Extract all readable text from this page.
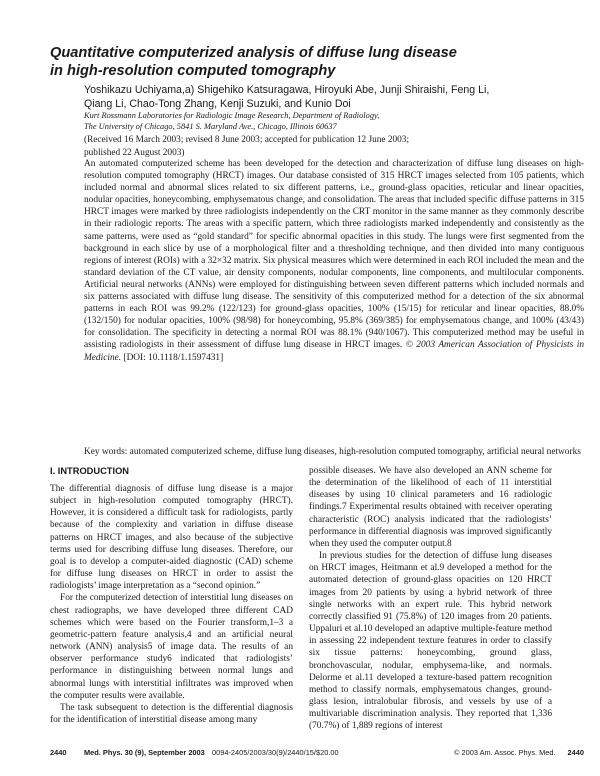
Quantitative computerized analysis of diffuse lung disease
in high-resolution computed tomography
Yoshikazu Uchiyama,a) Shigehiko Katsuragawa, Hiroyuki Abe, Junji Shiraishi, Feng Li,
Qiang Li, Chao-Tong Zhang, Kenji Suzuki, and Kunio Doi
Kurt Rossmann Laboratories for Radiologic Image Research, Department of Radiology,
The University of Chicago, 5841 S. Maryland Ave., Chicago, Illinois 60637
(Received 16 March 2003; revised 8 June 2003; accepted for publication 12 June 2003;
published 22 August 2003)

An automated computerized scheme has been developed for the detection and characterization of diffuse lung diseases on high-resolution computed tomography (HRCT) images. Our database consisted of 315 HRCT images selected from 105 patients, which included normal and abnormal slices related to six different patterns, i.e., ground-glass opacities, reticular and linear opacities, nodular opacities, honeycombing, emphysematous change, and consolidation. The areas that included specific diffuse patterns in 315 HRCT images were marked by three radiologists independently on the CRT monitor in the same manner as they commonly describe in their radiologic reports. The areas with a specific pattern, which three radiologists marked independently and consistently as the same patterns, were used as “gold standard” for specific abnormal opacities in this study. The lungs were first segmented from the background in each slice by use of a morphological filter and a thresholding technique, and then divided into many contiguous regions of interest (ROIs) with a 32×32 matrix. Six physical measures which were determined in each ROI included the mean and the standard deviation of the CT value, air density components, nodular components, line components, and multilocular components. Artificial neural networks (ANNs) were employed for distinguishing between seven different patterns which included normals and six patterns associated with diffuse lung disease. The sensitivity of this computerized method for a detection of the six abnormal patterns in each ROI was 99.2% (122/123) for ground-glass opacities, 100% (15/15) for reticular and linear opacities, 88.0% (132/150) for nodular opacities, 100% (98/98) for honeycombing, 95.8% (369/385) for emphysematous change, and 100% (43/43) for consolidation. The specificity in detecting a normal ROI was 88.1% (940/1067). This computerized method may be useful in assisting radiologists in their assessment of diffuse lung disease in HRCT images. © 2003 American Association of Physicists in Medicine. [DOI: 10.1118/1.1597431]

Key words: automated computerized scheme, diffuse lung diseases, high-resolution computed tomography, artificial neural networks
I. INTRODUCTION

The differential diagnosis of diffuse lung disease is a major subject in high-resolution computed tomography (HRCT). However, it is considered a difficult task for radiologists, partly because of the complexity and variation in diffuse disease patterns on HRCT images, and also because of the subjective terms used for describing diffuse lung diseases. Therefore, our goal is to develop a computer-aided diagnostic (CAD) scheme for diffuse lung diseases on HRCT in order to assist the radiologists’ image interpretation as a “second opinion.”

For the computerized detection of interstitial lung diseases on chest radiographs, we have developed three different CAD schemes which were based on the Fourier transform,1–3 a geometric-pattern feature analysis,4 and an artificial neural network (ANN) analysis5 of image data. The results of an observer performance study6 indicated that radiologists’ performance in distinguishing between normal lungs and abnormal lungs with interstitial infiltrates was improved when the computer results were available.

The task subsequent to detection is the differential diagnosis for the identification of interstitial disease among many

possible diseases. We have also developed an ANN scheme for the determination of the likelihood of each of 11 interstitial diseases by using 10 clinical parameters and 16 radiologic findings.7 Experimental results obtained with receiver operating characteristic (ROC) analysis indicated that the radiologists’ performance in differential diagnosis was improved significantly when they used the computer output.8

In previous studies for the detection of diffuse lung diseases on HRCT images, Heitmann et al.9 developed a method for the automated detection of ground-glass opacities on 120 HRCT images from 20 patients by using a hybrid network of three single networks with an expert rule. This hybrid network correctly classified 91 (75.8%) of 120 images from 20 patients. Uppaluri et al.10 developed an adaptive multiple-feature method in assessing 22 independent texture features in order to classify six tissue patterns: honeycombing, ground glass, bronchovascular, nodular, emphysema-like, and normals. Delorme et al.11 developed a texture-based pattern recognition method to classify normals, emphysematous changes, ground-glass lesion, intralobular fibrosis, and vessels by use of a multivariable discrimination analysis. They reported that 1,336 (70.7%) of 1,889 regions of interest

2440 Med. Phys. 30 (9), September 2003 0094-2405/2003/30(9)/2440/15/$20.00	© 2003 Am. Assoc. Phys. Med. 2440
